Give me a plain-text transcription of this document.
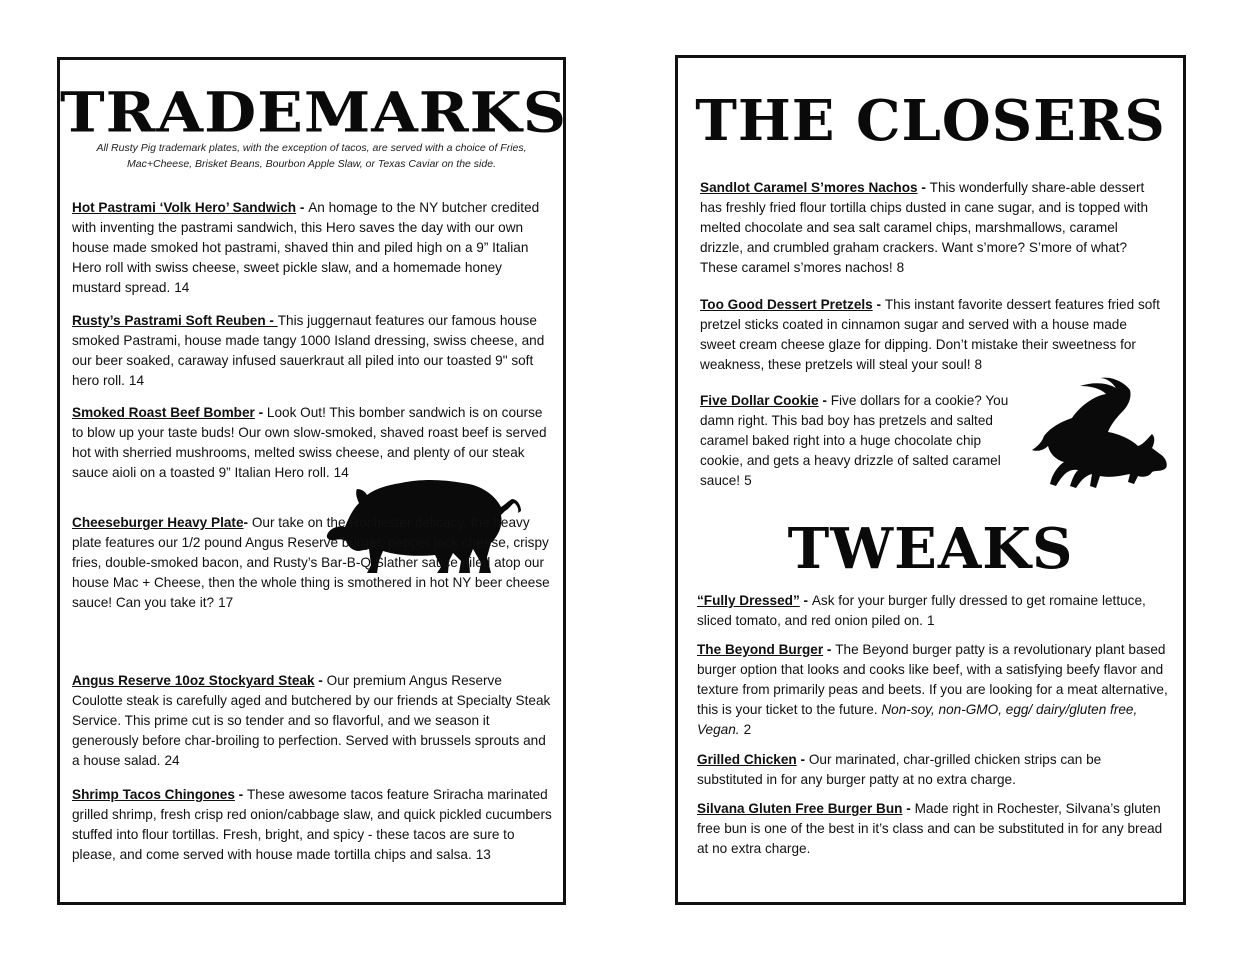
TRADEMARKS
All Rusty Pig trademark plates, with the exception of tacos, are served with a choice of Fries, Mac+Cheese, Brisket Beans, Bourbon Apple Slaw, or Texas Caviar on the side.
Hot Pastrami ‘Volk Hero’ Sandwich - An homage to the NY butcher credited with inventing the pastrami sandwich, this Hero saves the day with our own house made smoked hot pastrami, shaved thin and piled high on a 9” Italian Hero roll with swiss cheese, sweet pickle slaw, and a homemade honey mustard spread. 14
Rusty’s Pastrami Soft Reuben - This juggernaut features our famous house smoked Pastrami, house made tangy 1000 Island dressing, swiss cheese, and our beer soaked, caraway infused sauerkraut all piled into our toasted 9" soft hero roll. 14
Smoked Roast Beef Bomber - Look Out! This bomber sandwich is on course to blow up your taste buds! Our own slow-smoked, shaved roast beef is served hot with sherried mushrooms, melted swiss cheese, and plenty of our steak sauce aioli on a toasted 9” Italian Hero roll. 14
Cheeseburger Heavy Plate- Our take on the Rochester delicacy, the heavy plate features our 1/2 pound Angus Reserve burger, pepper jack cheese, crispy fries, double-smoked bacon, and Rusty’s Bar-B-Q Slather sauce piled atop our house Mac + Cheese, then the whole thing is smothered in hot NY beer cheese sauce! Can you take it? 17
Angus Reserve 10oz Stockyard Steak - Our premium Angus Reserve Coulotte steak is carefully aged and butchered by our friends at Specialty Steak Service. This prime cut is so tender and so flavorful, and we season it generously before char-broiling to perfection. Served with brussels sprouts and a house salad. 24
Shrimp Tacos Chingones - These awesome tacos feature Sriracha marinated grilled shrimp, fresh crisp red onion/cabbage slaw, and quick pickled cucumbers stuffed into flour tortillas. Fresh, bright, and spicy - these tacos are sure to please, and come served with house made tortilla chips and salsa. 13
THE CLOSERS
Sandlot Caramel S’mores Nachos - This wonderfully share-able dessert has freshly fried flour tortilla chips dusted in cane sugar, and is topped with melted chocolate and sea salt caramel chips, marshmallows, caramel drizzle, and crumbled graham crackers. Want s’more? S’more of what? These caramel s’mores nachos! 8
Too Good Dessert Pretzels - This instant favorite dessert features fried soft pretzel sticks coated in cinnamon sugar and served with a house made sweet cream cheese glaze for dipping. Don’t mistake their sweetness for weakness, these pretzels will steal your soul! 8
Five Dollar Cookie - Five dollars for a cookie? You damn right. This bad boy has pretzels and salted caramel baked right into a huge chocolate chip cookie, and gets a heavy drizzle of salted caramel sauce! 5
TWEAKS
“Fully Dressed” - Ask for your burger fully dressed to get romaine lettuce, sliced tomato, and red onion piled on. 1
The Beyond Burger - The Beyond burger patty is a revolutionary plant based burger option that looks and cooks like beef, with a satisfying beefy flavor and texture from primarily peas and beets. If you are looking for a meat alternative, this is your ticket to the future. Non-soy, non-GMO, egg/ dairy/gluten free, Vegan. 2
Grilled Chicken - Our marinated, char-grilled chicken strips can be substituted in for any burger patty at no extra charge.
Silvana Gluten Free Burger Bun - Made right in Rochester, Silvana’s gluten free bun is one of the best in it’s class and can be substituted in for any bread at no extra charge.
